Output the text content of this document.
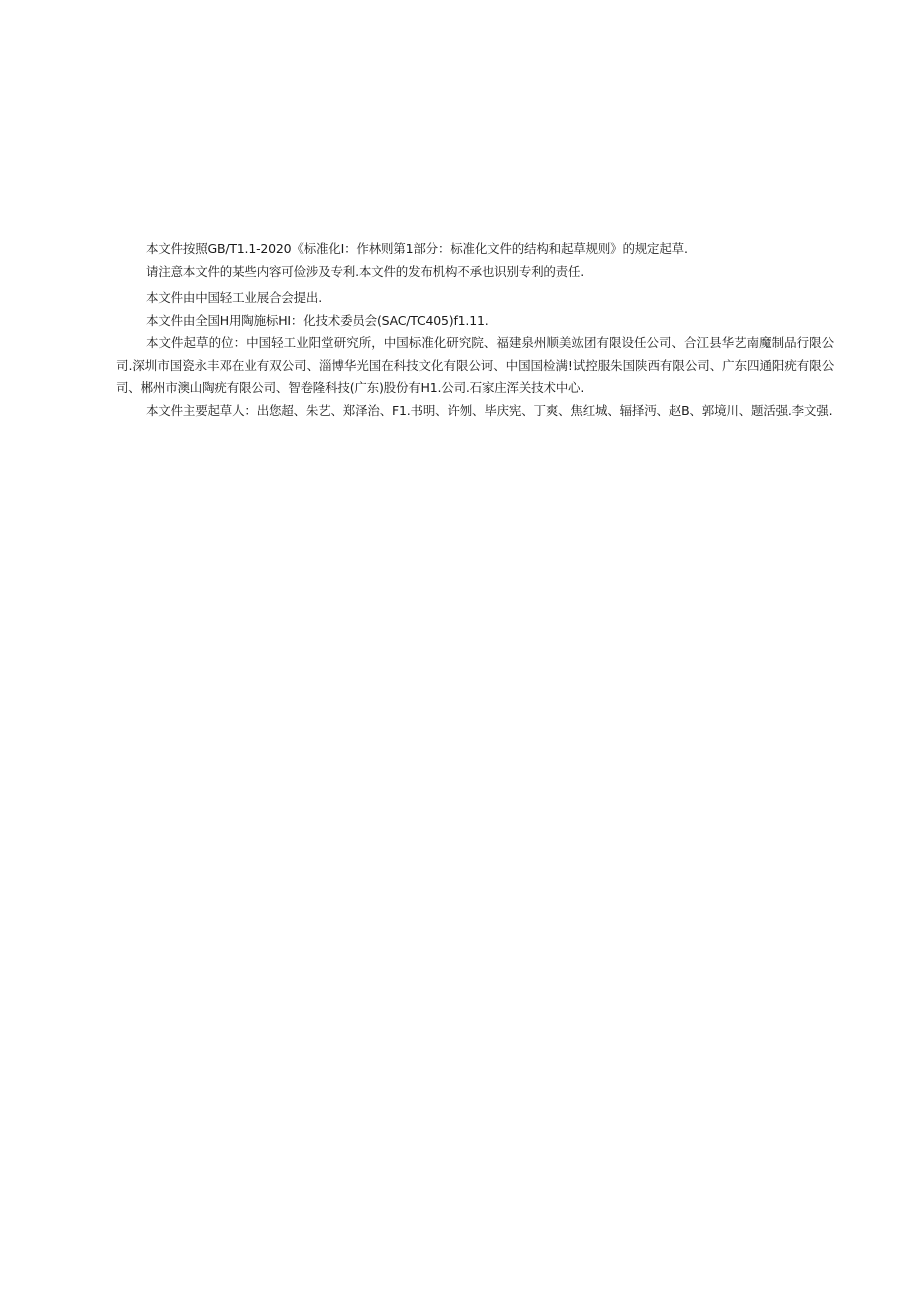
本文件按照GB/T1.1-2020《标准化I：作林则第1部分：标准化文件的结构和起草规则》的规定起草.

请注意本文件的某些内容可俭涉及专利.本文件的发布机构不承也识别专利的责任.

本文件由中国轻工业展合会提出.

本文件由全国H用陶施标HI：化技术委员会(SAC/TC405)f1.11.

本文件起草的位：中国轻工业阳堂研究所，中国标准化研究院、福建泉州顺美竑团有限设任公司、合江县华艺南魔制品行限公司.深圳市国瓷永丰邓在业有双公司、淄博华光国在科技文化有限公诃、中国国检满!试控服朱国陕西有限公司、广东四通阳疣有限公司、郴州市澳山陶疣有限公司、智卷隆科技(广东)股份有H1.公司.石家庄浑关技术中心.

本文件主要起草人：出您超、朱艺、郑泽治、F1.书明、许刎、毕庆宪、丁爽、焦红城、辐择沔、赵B、郭境川、题活强.李文强.
